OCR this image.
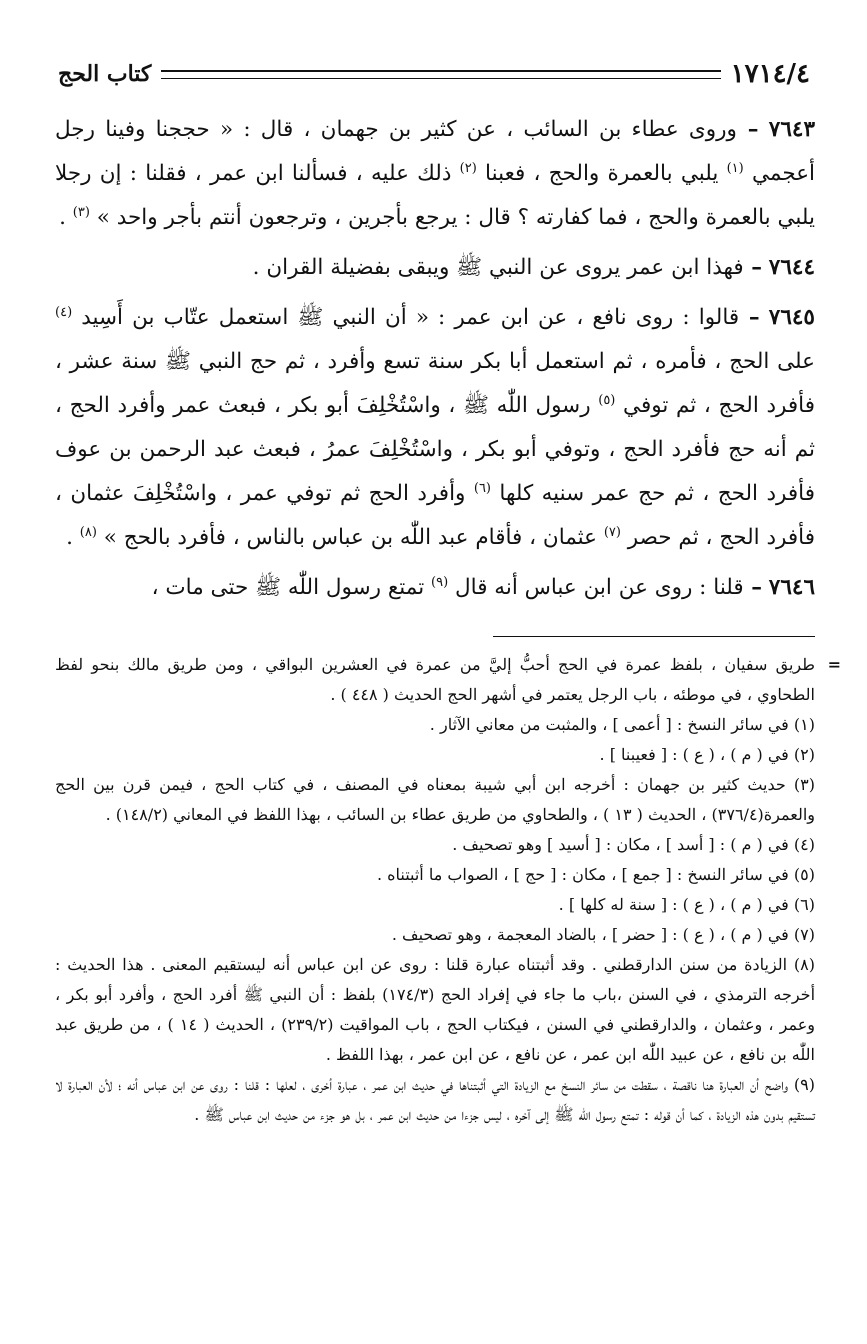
كتاب الحج	١٧١٤/٤

٧٦٤٣ – وروى عطاء بن السائب ، عن كثير بن جهمان ، قال : « حججنا وفينا رجل أعجمي $^{(١)}$ يلبي بالعمرة والحج ، فعبنا $^{(٢)}$ ذلك عليه ، فسألنا ابن عمر ، فقلنا : إن رجلا يلبي بالعمرة والحج ، فما كفارته ؟ قال : يرجع بأجرين ، وترجعون أنتم بأجر واحد » $^{(٣)}$ .

٧٦٤٤ – فهذا ابن عمر يروى عن النبي ﷺ ويبقى بفضيلة القران .

٧٦٤٥ – قالوا : روى نافع ، عن ابن عمر : « أن النبي ﷺ استعمل عتّاب بن أَسِيد $^{(٤)}$ على الحج ، فأمره ، ثم استعمل أبا بكر سنة تسع وأفرد ، ثم حج النبي ﷺ سنة عشر ، فأفرد الحج ، ثم توفي $^{(٥)}$ رسول اللّٰه ﷺ ، واسْتُخْلِفَ أبو بكر ، فبعث عمر وأفرد الحج ، ثم أنه حج فأفرد الحج ، وتوفي أبو بكر ، واسْتُخْلِفَ عمرُ ، فبعث عبد الرحمن بن عوف فأفرد الحج ، ثم حج عمر سنيه كلها $^{(٦)}$ وأفرد الحج ثم توفي عمر ، واسْتُخْلِفَ عثمان ، فأفرد الحج ، ثم حصر $^{(٧)}$ عثمان ، فأقام عبد اللّٰه بن عباس بالناس ، فأفرد بالحج » $^{(٨)}$ .

٧٦٤٦ – قلنا : روى عن ابن عباس أنه قال $^{(٩)}$ تمتع رسول اللّٰه ﷺ حتى مات ،

=
طريق سفيان ، بلفظ عمرة في الحج أحبُّ إليَّ من عمرة في العشرين البواقي ، ومن طريق مالك بنحو لفظ الطحاوي ، في موطئه ، باب الرجل يعتمر في أشهر الحج الحديث ( ٤٤٨ ) .

(١) في سائر النسخ : [ أعمى ] ، والمثبت من معاني الآثار .

(٢) في ( م ) ، ( ع ) : [ فعيبنا ] .

(٣) حديث كثير بن جهمان : أخرجه ابن أبي شيبة بمعناه في المصنف ، في كتاب الحج ، فيمن قرن بين الحج والعمرة(٣٧٦/٤) ، الحديث ( ١٣ ) ، والطحاوي من طريق عطاء بن السائب ، بهذا اللفظ في المعاني (١٤٨/٢) .

(٤) في ( م ) : [ أسد ] ، مكان : [ أسيد ] وهو تصحيف .

(٥) في سائر النسخ : [ جمع ] ، مكان : [ حج ] ، الصواب ما أثبتناه .

(٦) في ( م ) ، ( ع ) : [ سنة له كلها ] .

(٧) في ( م ) ، ( ع ) : [ حضر ] ، بالضاد المعجمة ، وهو تصحيف .

(٨) الزيادة من سنن الدارقطني . وقد أثبتناه عبارة قلنا : روى عن ابن عباس أنه ليستقيم المعنى . هذا الحديث : أخرجه الترمذي ، في السنن ،باب ما جاء في إفراد الحج (١٧٤/٣) بلفظ : أن النبي ﷺ أفرد الحج ، وأفرد أبو بكر ، وعمر ، وعثمان ، والدارقطني في السنن ، فيكتاب الحج ، باب المواقيت (٢٣٩/٢) ، الحديث ( ١٤ ) ، من طريق عبد اللّٰه بن نافع ، عن عبيد اللّٰه ابن عمر ، عن نافع ، عن ابن عمر ، بهذا اللفظ .

(٩) واضح أن العبارة هنا ناقصة ، سقطت من سائر النسخ مع الزيادة التي أثبتناها في حديث ابن عمر ، عبارة أخرى ، لعلها : قلنا : روى عن ابن عباس أنه ؛ لأن العبارة لا تستقيم بدون هذه الزيادة ، كما أن قوله : تمتع رسول اللّٰه ﷺ إلى آخره ، ليس جزءا من حديث ابن عمر ، بل هو جزء من حديث ابن عباس ﷺ .
